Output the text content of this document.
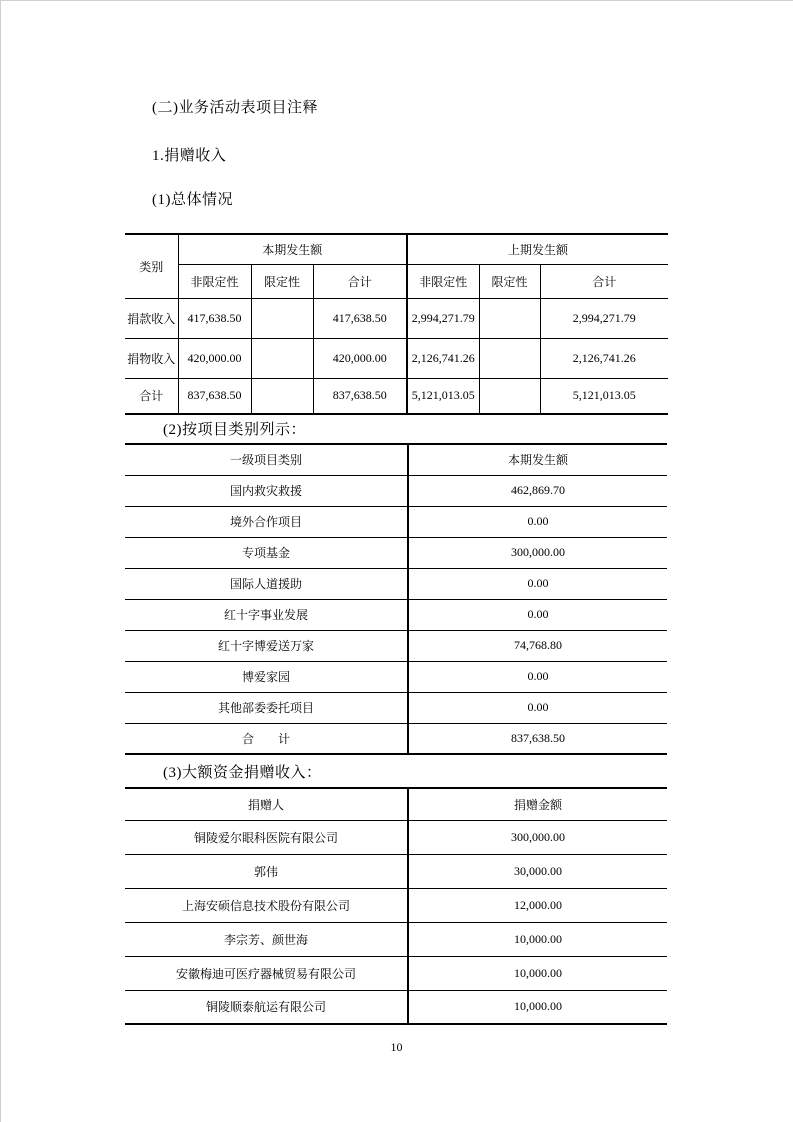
(二)业务活动表项目注释
1.捐赠收入
(1)总体情况
类别	本期发生额			上期发生额		
	非限定性	限定性	合计	非限定性	限定性	合计
捐款收入	417,638.50		417,638.50	2,994,271.79		2,994,271.79
捐物收入	420,000.00		420,000.00	2,126,741.26		2,126,741.26
合计	837,638.50		837,638.50	5,121,013.05		5,121,013.05
(2)按项目类别列示：
一级项目类别	本期发生额
国内救灾救援	462,869.70
境外合作项目	0.00
专项基金	300,000.00
国际人道援助	0.00
红十字事业发展	0.00
红十字博爱送万家	74,768.80
博爱家园	0.00
其他部委委托项目	0.00
合　　计	837,638.50
(3)大额资金捐赠收入：
捐赠人	捐赠金额
铜陵爱尔眼科医院有限公司	300,000.00
郭伟	30,000.00
上海安硕信息技术股份有限公司	12,000.00
李宗芳、颜世海	10,000.00
安徽梅迪可医疗器械贸易有限公司	10,000.00
铜陵顺泰航运有限公司	10,000.00
10
